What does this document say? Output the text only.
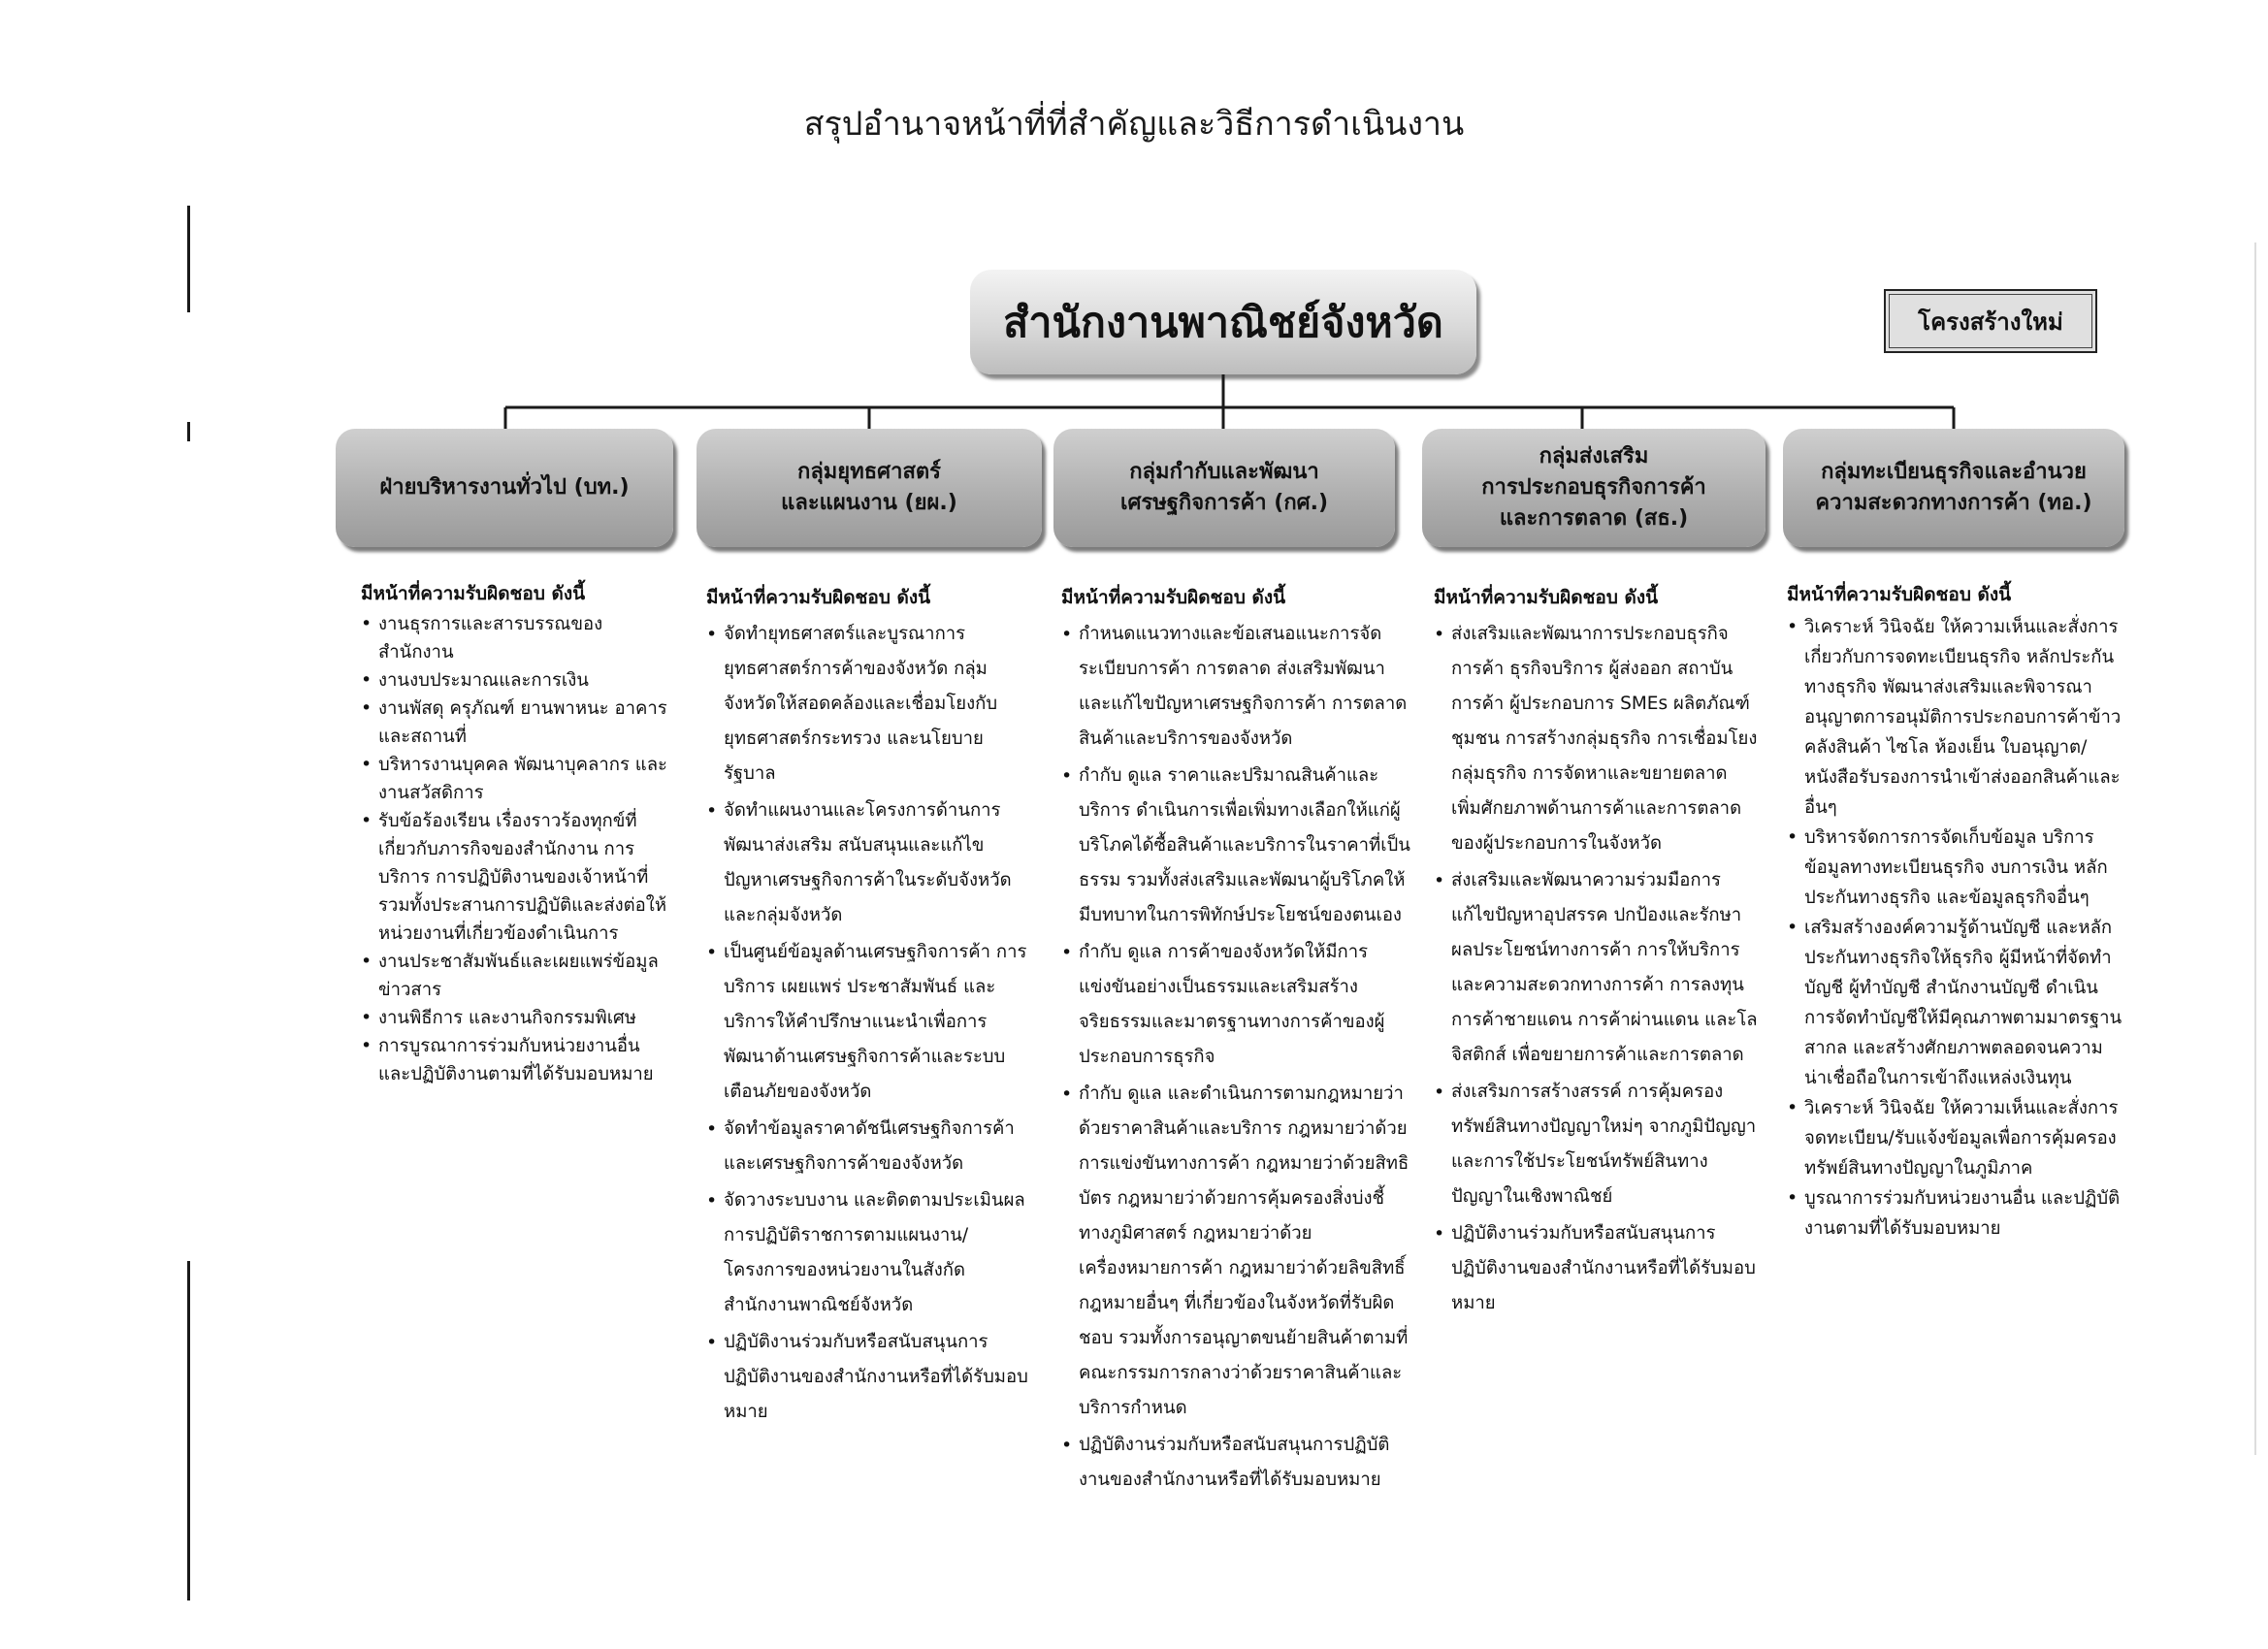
สรุปอำนาจหน้าที่ที่สำคัญและวิธีการดำเนินงาน
สำนักงานพาณิชย์จังหวัด	โครงสร้างใหม่
ฝ่ายบริหารงานทั่วไป (บท.)
กลุ่มยุทธศาสตร์
และแผนงาน (ยผ.)
กลุ่มกำกับและพัฒนา
เศรษฐกิจการค้า (กศ.)
กลุ่มส่งเสริม
การประกอบธุรกิจการค้า
และการตลาด (สธ.)
กลุ่มทะเบียนธุรกิจและอำนวย
ความสะดวกทางการค้า (ทอ.)
มีหน้าที่ความรับผิดชอบ ดังนี้
• งานธุรการและสารบรรณของสำนักงาน
• งานงบประมาณและการเงิน
• งานพัสดุ ครุภัณฑ์ ยานพาหนะ อาคารและสถานที่
• บริหารงานบุคคล พัฒนาบุคลากร และงานสวัสดิการ
• รับข้อร้องเรียน เรื่องราวร้องทุกข์ที่เกี่ยวกับภารกิจของสำนักงาน การบริการ การปฏิบัติงานของเจ้าหน้าที่ รวมทั้งประสานการปฏิบัติและส่งต่อให้หน่วยงานที่เกี่ยวข้องดำเนินการ
• งานประชาสัมพันธ์และเผยแพร่ข้อมูลข่าวสาร
• งานพิธีการ และงานกิจกรรมพิเศษ
• การบูรณาการร่วมกับหน่วยงานอื่น และปฏิบัติงานตามที่ได้รับมอบหมาย
มีหน้าที่ความรับผิดชอบ ดังนี้
• จัดทำยุทธศาสตร์และบูรณาการยุทธศาสตร์การค้าของจังหวัด กลุ่มจังหวัดให้สอดคล้องและเชื่อมโยงกับยุทธศาสตร์กระทรวง และนโยบายรัฐบาล
• จัดทำแผนงานและโครงการด้านการพัฒนาส่งเสริม สนับสนุนและแก้ไขปัญหาเศรษฐกิจการค้าในระดับจังหวัด และกลุ่มจังหวัด
• เป็นศูนย์ข้อมูลด้านเศรษฐกิจการค้า การบริการ เผยแพร่ ประชาสัมพันธ์ และบริการให้คำปรึกษาแนะนำเพื่อการพัฒนาด้านเศรษฐกิจการค้าและระบบเตือนภัยของจังหวัด
• จัดทำข้อมูลราคาดัชนีเศรษฐกิจการค้าและเศรษฐกิจการค้าของจังหวัด
• จัดวางระบบงาน และติดตามประเมินผลการปฏิบัติราชการตามแผนงาน/โครงการของหน่วยงานในสังกัดสำนักงานพาณิชย์จังหวัด
• ปฏิบัติงานร่วมกับหรือสนับสนุนการปฏิบัติงานของสำนักงานหรือที่ได้รับมอบหมาย
มีหน้าที่ความรับผิดชอบ ดังนี้
• กำหนดแนวทางและข้อเสนอแนะการจัดระเบียบการค้า การตลาด ส่งเสริมพัฒนาและแก้ไขปัญหาเศรษฐกิจการค้า การตลาดสินค้าและบริการของจังหวัด
• กำกับ ดูแล ราคาและปริมาณสินค้าและบริการ ดำเนินการเพื่อเพิ่มทางเลือกให้แก่ผู้บริโภคได้ซื้อสินค้าและบริการในราคาที่เป็นธรรม รวมทั้งส่งเสริมและพัฒนาผู้บริโภคให้มีบทบาทในการพิทักษ์ประโยชน์ของตนเอง
• กำกับ ดูแล การค้าของจังหวัดให้มีการแข่งขันอย่างเป็นธรรมและเสริมสร้างจริยธรรมและมาตรฐานทางการค้าของผู้ประกอบการธุรกิจ
• กำกับ ดูแล และดำเนินการตามกฎหมายว่าด้วยราคาสินค้าและบริการ กฎหมายว่าด้วยการแข่งขันทางการค้า กฎหมายว่าด้วยสิทธิบัตร กฎหมายว่าด้วยการคุ้มครองสิ่งบ่งชี้ทางภูมิศาสตร์ กฎหมายว่าด้วยเครื่องหมายการค้า กฎหมายว่าด้วยลิขสิทธิ์ กฎหมายอื่นๆ ที่เกี่ยวข้องในจังหวัดที่รับผิดชอบ รวมทั้งการอนุญาตขนย้ายสินค้าตามที่คณะกรรมการกลางว่าด้วยราคาสินค้าและบริการกำหนด
• ปฏิบัติงานร่วมกับหรือสนับสนุนการปฏิบัติงานของสำนักงานหรือที่ได้รับมอบหมาย
มีหน้าที่ความรับผิดชอบ ดังนี้
• ส่งเสริมและพัฒนาการประกอบธุรกิจการค้า ธุรกิจบริการ ผู้ส่งออก สถาบันการค้า ผู้ประกอบการ SMEs ผลิตภัณฑ์ชุมชน การสร้างกลุ่มธุรกิจ การเชื่อมโยงกลุ่มธุรกิจ การจัดหาและขยายตลาด เพิ่มศักยภาพด้านการค้าและการตลาดของผู้ประกอบการในจังหวัด
• ส่งเสริมและพัฒนาความร่วมมือการแก้ไขปัญหาอุปสรรค ปกป้องและรักษาผลประโยชน์ทางการค้า การให้บริการและความสะดวกทางการค้า การลงทุน การค้าชายแดน การค้าผ่านแดน และโลจิสติกส์ เพื่อขยายการค้าและการตลาด
• ส่งเสริมการสร้างสรรค์ การคุ้มครองทรัพย์สินทางปัญญาใหม่ๆ จากภูมิปัญญา และการใช้ประโยชน์ทรัพย์สินทางปัญญาในเชิงพาณิชย์
• ปฏิบัติงานร่วมกับหรือสนับสนุนการปฏิบัติงานของสำนักงานหรือที่ได้รับมอบหมาย
มีหน้าที่ความรับผิดชอบ ดังนี้
• วิเคราะห์ วินิจฉัย ให้ความเห็นและสั่งการเกี่ยวกับการจดทะเบียนธุรกิจ หลักประกันทางธุรกิจ พัฒนาส่งเสริมและพิจารณาอนุญาตการอนุมัติการประกอบการค้าข้าว คลังสินค้า ไซโล ห้องเย็น ใบอนุญาต/หนังสือรับรองการนำเข้าส่งออกสินค้าและอื่นๆ
• บริหารจัดการการจัดเก็บข้อมูล บริการข้อมูลทางทะเบียนธุรกิจ งบการเงิน หลักประกันทางธุรกิจ และข้อมูลธุรกิจอื่นๆ
• เสริมสร้างองค์ความรู้ด้านบัญชี และหลักประกันทางธุรกิจให้ธุรกิจ ผู้มีหน้าที่จัดทำบัญชี ผู้ทำบัญชี สำนักงานบัญชี ดำเนินการจัดทำบัญชีให้มีคุณภาพตามมาตรฐานสากล และสร้างศักยภาพตลอดจนความน่าเชื่อถือในการเข้าถึงแหล่งเงินทุน
• วิเคราะห์ วินิจฉัย ให้ความเห็นและสั่งการจดทะเบียน/รับแจ้งข้อมูลเพื่อการคุ้มครองทรัพย์สินทางปัญญาในภูมิภาค
• บูรณาการร่วมกับหน่วยงานอื่น และปฏิบัติงานตามที่ได้รับมอบหมาย
